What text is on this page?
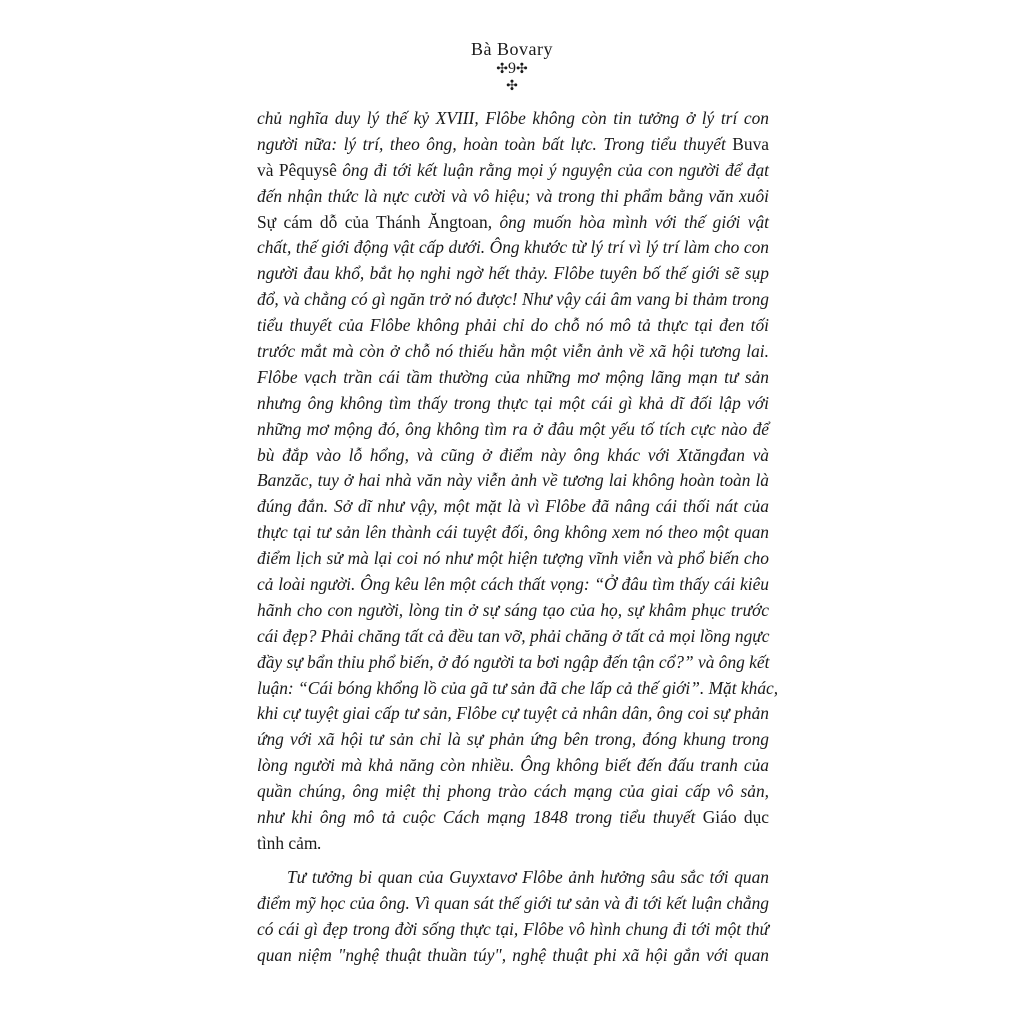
Bà Bovary
✣9✣
✣
chủ nghĩa duy lý thế kỷ XVIII, Flôbe không còn tin tưởng ở lý trí con
người nữa: lý trí, theo ông, hoàn toàn bất lực. Trong tiểu thuyết Buva
và Pêquysê ông đi tới kết luận rằng mọi ý nguyện của con người để đạt
đến nhận thức là nực cười và vô hiệu; và trong thi phẩm bằng văn xuôi
Sự cám dỗ của Thánh Ăngtoan, ông muốn hòa mình với thế giới vật
chất, thế giới động vật cấp dưới. Ông khước từ lý trí vì lý trí làm cho con
người đau khổ, bắt họ nghi ngờ hết thảy. Flôbe tuyên bố thế giới sẽ sụp
đổ, và chẳng có gì ngăn trở nó được! Như vậy cái âm vang bi thảm trong
tiểu thuyết của Flôbe không phải chỉ do chỗ nó mô tả thực tại đen tối
trước mắt mà còn ở chỗ nó thiếu hẳn một viễn ảnh về xã hội tương lai.
Flôbe vạch trần cái tầm thường của những mơ mộng lãng mạn tư sản
nhưng ông không tìm thấy trong thực tại một cái gì khả dĩ đối lập với
những mơ mộng đó, ông không tìm ra ở đâu một yếu tố tích cực nào để
bù đắp vào lỗ hổng, và cũng ở điểm này ông khác với Xtăngđan và
Banzăc, tuy ở hai nhà văn này viễn ảnh về tương lai không hoàn toàn là
đúng đắn. Sở dĩ như vậy, một mặt là vì Flôbe đã nâng cái thối nát của
thực tại tư sản lên thành cái tuyệt đối, ông không xem nó theo một quan
điểm lịch sử mà lại coi nó như một hiện tượng vĩnh viễn và phổ biến cho
cả loài người. Ông kêu lên một cách thất vọng: “Ở đâu tìm thấy cái kiêu
hãnh cho con người, lòng tin ở sự sáng tạo của họ, sự khâm phục trước
cái đẹp? Phải chăng tất cả đều tan vỡ, phải chăng ở tất cả mọi lồng ngực
đầy sự bẩn thỉu phổ biến, ở đó người ta bơi ngập đến tận cổ?” và ông kết
luận: “Cái bóng khổng lồ của gã tư sản đã che lấp cả thế giới”. Mặt khác,
khi cự tuyệt giai cấp tư sản, Flôbe cự tuyệt cả nhân dân, ông coi sự phản
ứng với xã hội tư sản chỉ là sự phản ứng bên trong, đóng khung trong
lòng người mà khả năng còn nhiều. Ông không biết đến đấu tranh của
quần chúng, ông miệt thị phong trào cách mạng của giai cấp vô sản,
như khi ông mô tả cuộc Cách mạng 1848 trong tiểu thuyết Giáo dục
tình cảm.
Tư tưởng bi quan của Guyxtavơ Flôbe ảnh hưởng sâu sắc tới quan
điểm mỹ học của ông. Vì quan sát thế giới tư sản và đi tới kết luận chẳng
có cái gì đẹp trong đời sống thực tại, Flôbe vô hình chung đi tới một thứ
quan niệm "nghệ thuật thuần túy", nghệ thuật phi xã hội gắn với quan
